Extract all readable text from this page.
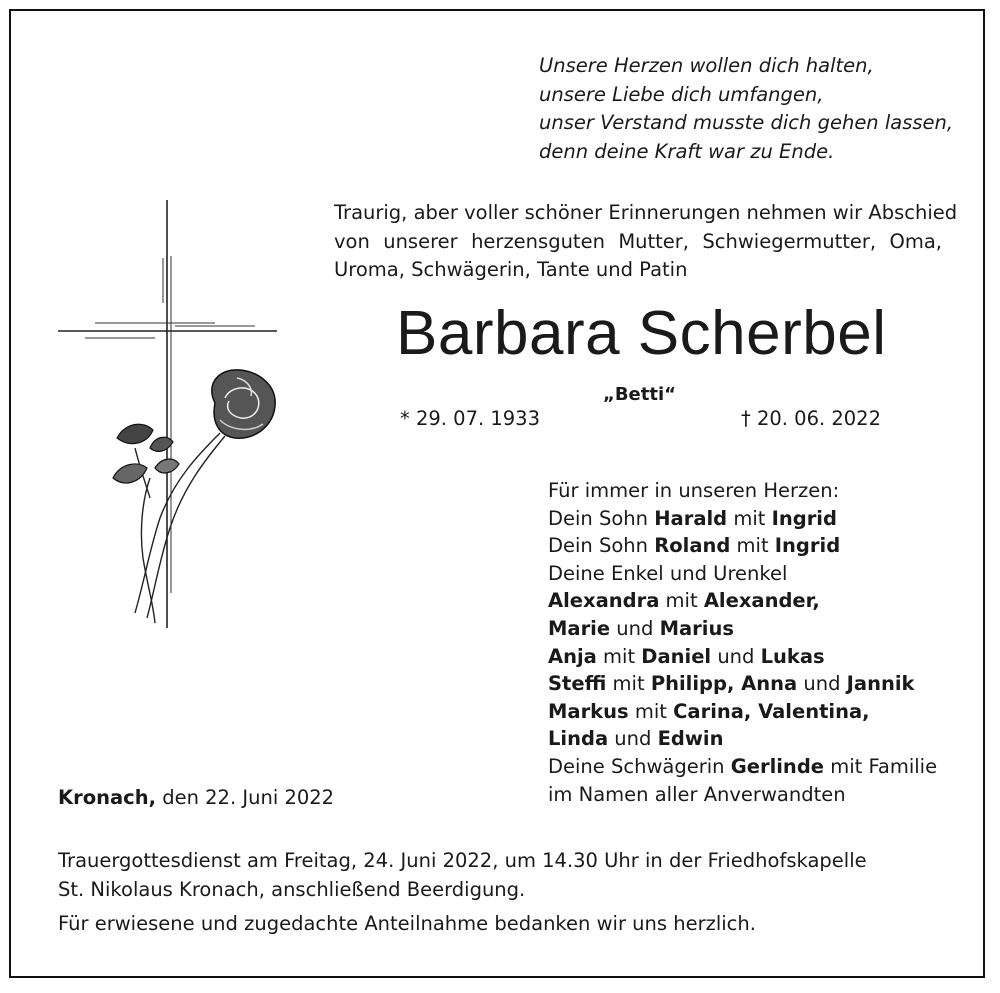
Unsere Herzen wollen dich halten,
unsere Liebe dich umfangen,
unser Verstand musste dich gehen lassen,
denn deine Kraft war zu Ende.
Traurig, aber voller schöner Erinnerungen nehmen wir Abschied
von unserer herzensguten Mutter, Schwiegermutter, Oma,
Uroma, Schwägerin, Tante und Patin
Barbara Scherbel
„Betti“
* 29. 07. 1933	† 20. 06. 2022
Für immer in unseren Herzen:
Dein Sohn Harald mit Ingrid
Dein Sohn Roland mit Ingrid
Deine Enkel und Urenkel
Alexandra mit Alexander,
Marie und Marius
Anja mit Daniel und Lukas
Steffi mit Philipp, Anna und Jannik
Markus mit Carina, Valentina,
Linda und Edwin
Deine Schwägerin Gerlinde mit Familie
im Namen aller Anverwandten
Kronach, den 22. Juni 2022
Trauergottesdienst am Freitag, 24. Juni 2022, um 14.30 Uhr in der Friedhofskapelle
St. Nikolaus Kronach, anschließend Beerdigung.
Für erwiesene und zugedachte Anteilnahme bedanken wir uns herzlich.
